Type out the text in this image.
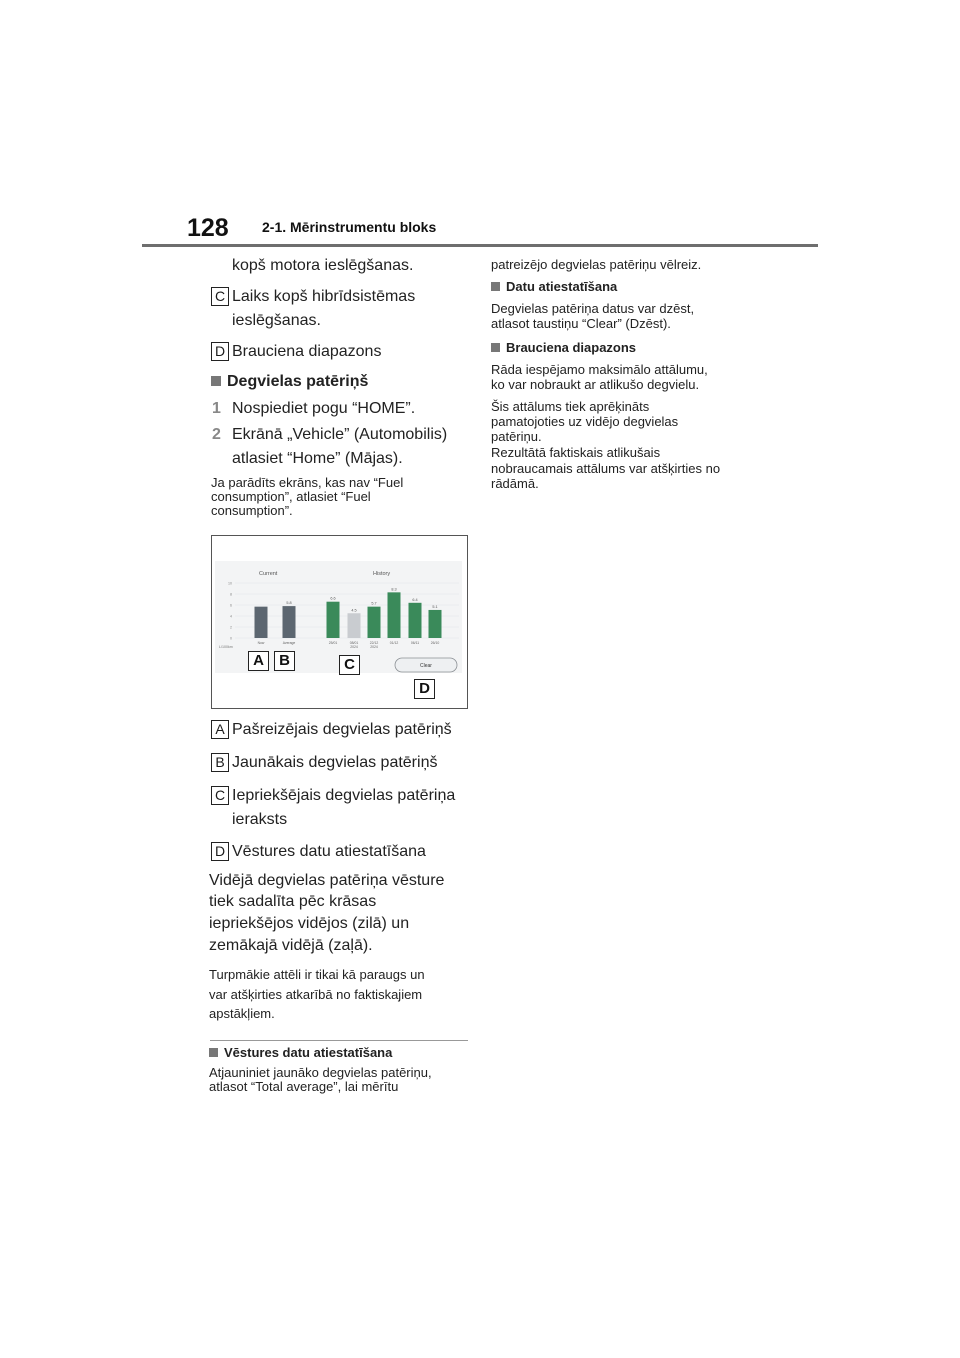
128 2-1. Mērinstrumentu bloks
kopš motora ieslēgšanas.
C Laiks kopš hibrīdsistēmas
ieslēgšanas.
D Brauciena diapazons
Degvielas patēriņš
1 Nospiediet pogu “HOME”.
2 Ekrānā „Vehicle” (Automobilis)
atlasiet “Home” (Mājas).
Ja parādīts ekrāns, kas nav “Fuel
consumption”, atlasiet “Fuel
consumption”.
Current	History
L/100km
10
8
6
4
2
0
Now
5.8
Average
6.6
25/01
4.5
08/01
2024
5.7
22/12
2024
8.3
01/12
6.4
06/11
5.1
26/10
Clear
A	B	C
D
A Pašreizējais degvielas patēriņš
B Jaunākais degvielas patēriņš
C Iepriekšējais degvielas patēriņa
ieraksts
D Vēstures datu atiestatīšana
Vidējā degvielas patēriņa vēsture
tiek sadalīta pēc krāsas
iepriekšējos vidējos (zilā) un
zemākajā vidējā (zaļā).
Turpmākie attēli ir tikai kā paraugs un
var atšķirties atkarībā no faktiskajiem
apstākļiem.
Vēstures datu atiestatīšana
Atjauniniet jaunāko degvielas patēriņu,
atlasot “Total average”, lai mērītu
patreizējo degvielas patēriņu vēlreiz.
Datu atiestatīšana
Degvielas patēriņa datus var dzēst,
atlasot taustiņu “Clear” (Dzēst).
Brauciena diapazons
Rāda iespējamo maksimālo attālumu,
ko var nobraukt ar atlikušo degvielu.
Šis attālums tiek aprēķināts
pamatojoties uz vidējo degvielas
patēriņu.
Rezultātā faktiskais atlikušais
nobraucamais attālums var atšķirties no
rādāmā.
